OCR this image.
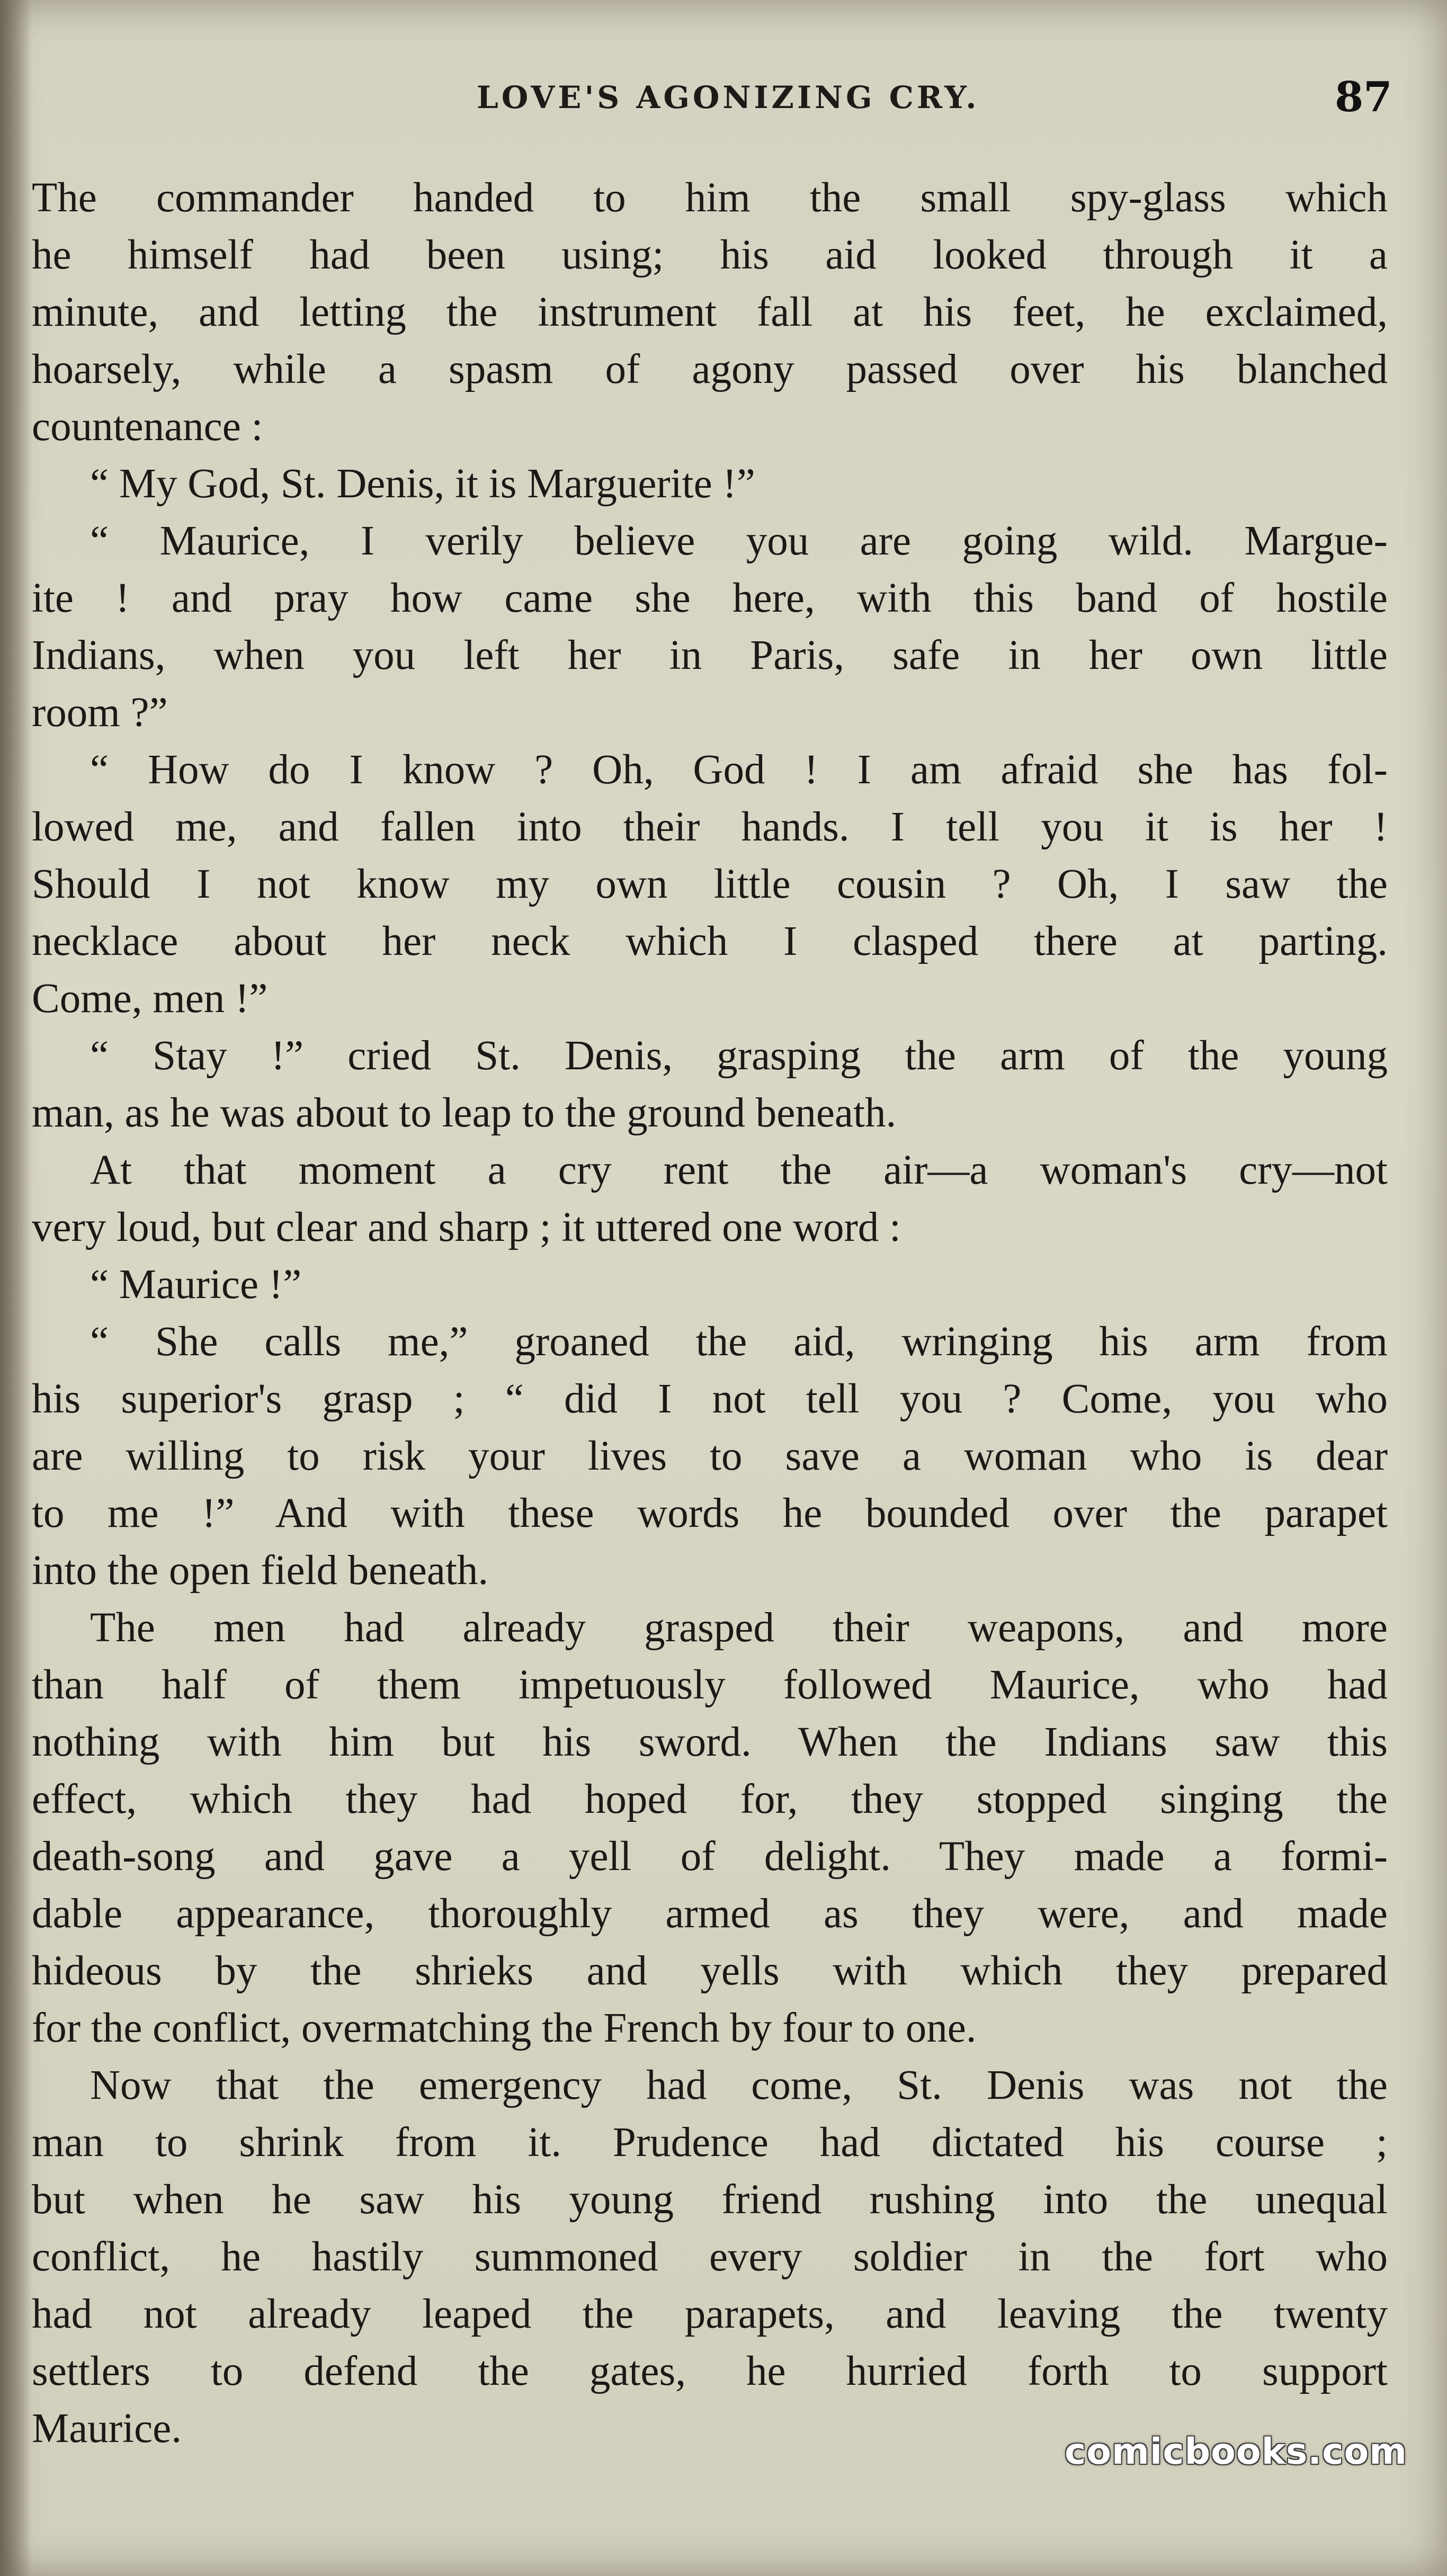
LOVE'S AGONIZING CRY.	87
The commander handed to him the small spy-glass which
he himself had been using; his aid looked through it a
minute, and letting the instrument fall at his feet, he exclaimed,
hoarsely, while a spasm of agony passed over his blanched
countenance :
“ My God, St. Denis, it is Marguerite !”
“ Maurice, I verily believe you are going wild. Margue-
ite ! and pray how came she here, with this band of hostile
Indians, when you left her in Paris, safe in her own little
room ?”
“ How do I know ? Oh, God ! I am afraid she has fol-
lowed me, and fallen into their hands. I tell you it is her !
Should I not know my own little cousin ? Oh, I saw the
necklace about her neck which I clasped there at parting.
Come, men !”
“ Stay !” cried St. Denis, grasping the arm of the young
man, as he was about to leap to the ground beneath.
At that moment a cry rent the air—a woman's cry—not
very loud, but clear and sharp ; it uttered one word :
“ Maurice !”
“ She calls me,” groaned the aid, wringing his arm from
his superior's grasp ; “ did I not tell you ? Come, you who
are willing to risk your lives to save a woman who is dear
to me !” And with these words he bounded over the parapet
into the open field beneath.
The men had already grasped their weapons, and more
than half of them impetuously followed Maurice, who had
nothing with him but his sword. When the Indians saw this
effect, which they had hoped for, they stopped singing the
death-song and gave a yell of delight. They made a formi-
dable appearance, thoroughly armed as they were, and made
hideous by the shrieks and yells with which they prepared
for the conflict, overmatching the French by four to one.
Now that the emergency had come, St. Denis was not the
man to shrink from it. Prudence had dictated his course ;
but when he saw his young friend rushing into the unequal
conflict, he hastily summoned every soldier in the fort who
had not already leaped the parapets, and leaving the twenty
settlers to defend the gates, he hurried forth to support
Maurice.
comicbooks.com
